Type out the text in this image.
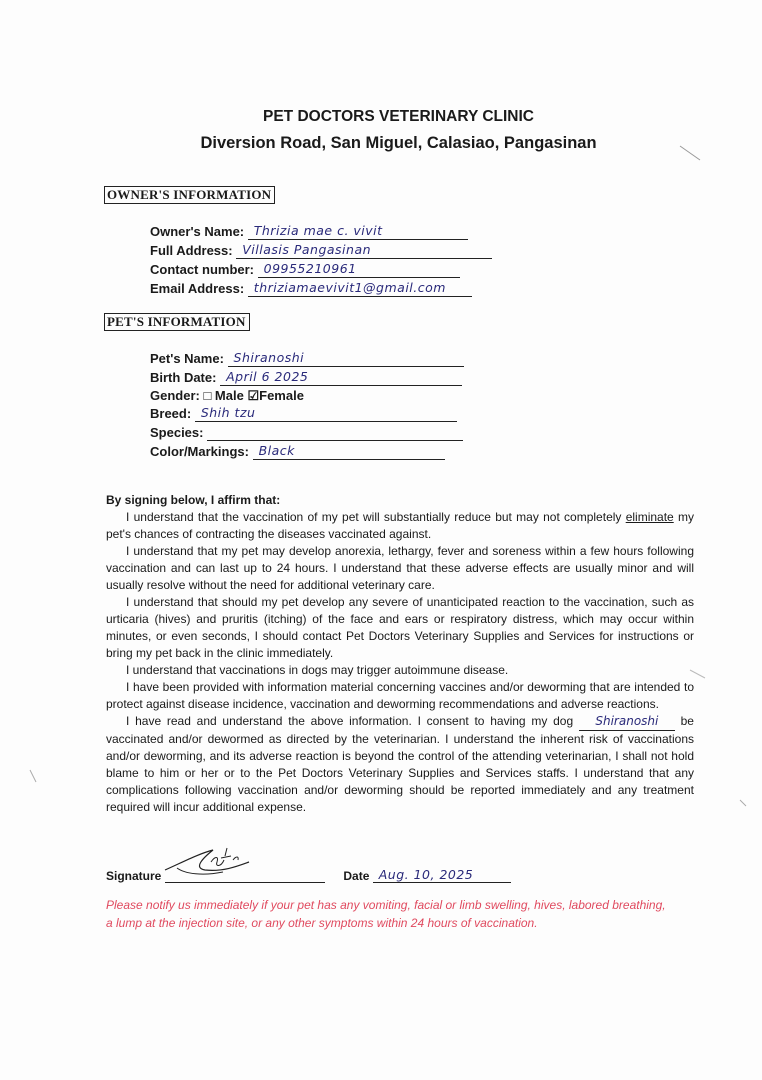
PET DOCTORS VETERINARY CLINIC
Diversion Road, San Miguel, Calasiao, Pangasinan
OWNER'S INFORMATION
Owner's Name: Thrizia mae c. vivit
Full Address: Villasis Pangasinan
Contact number: 09955210961
Email Address: thriziamaevivit1@gmail.com
PET'S INFORMATION
Pet's Name: Shiranoshi
Birth Date: April 6 2025
Gender: □ Male ☑Female
Breed: Shih tzu
Species:
Color/Markings: Black
By signing below, I affirm that:

I understand that the vaccination of my pet will substantially reduce but may not completely eliminate my pet's chances of contracting the diseases vaccinated against.

I understand that my pet may develop anorexia, lethargy, fever and soreness within a few hours following vaccination and can last up to 24 hours. I understand that these adverse effects are usually minor and will usually resolve without the need for additional veterinary care.

I understand that should my pet develop any severe of unanticipated reaction to the vaccination, such as urticaria (hives) and pruritis (itching) of the face and ears or respiratory distress, which may occur within minutes, or even seconds, I should contact Pet Doctors Veterinary Supplies and Services for instructions or bring my pet back in the clinic immediately.

I understand that vaccinations in dogs may trigger autoimmune disease.

I have been provided with information material concerning vaccines and/or deworming that are intended to protect against disease incidence, vaccination and deworming recommendations and adverse reactions.

I have read and understand the above information. I consent to having my dog Shiranoshi be vaccinated and/or dewormed as directed by the veterinarian. I understand the inherent risk of vaccinations and/or deworming, and its adverse reaction is beyond the control of the attending veterinarian, I shall not hold blame to him or her or to the Pet Doctors Veterinary Supplies and Services staffs. I understand that any complications following vaccination and/or deworming should be reported immediately and any treatment required will incur additional expense.

Signature	Date Aug. 10, 2025
Please notify us immediately if your pet has any vomiting, facial or limb swelling, hives, labored breathing, a lump at the injection site, or any other symptoms within 24 hours of vaccination.
